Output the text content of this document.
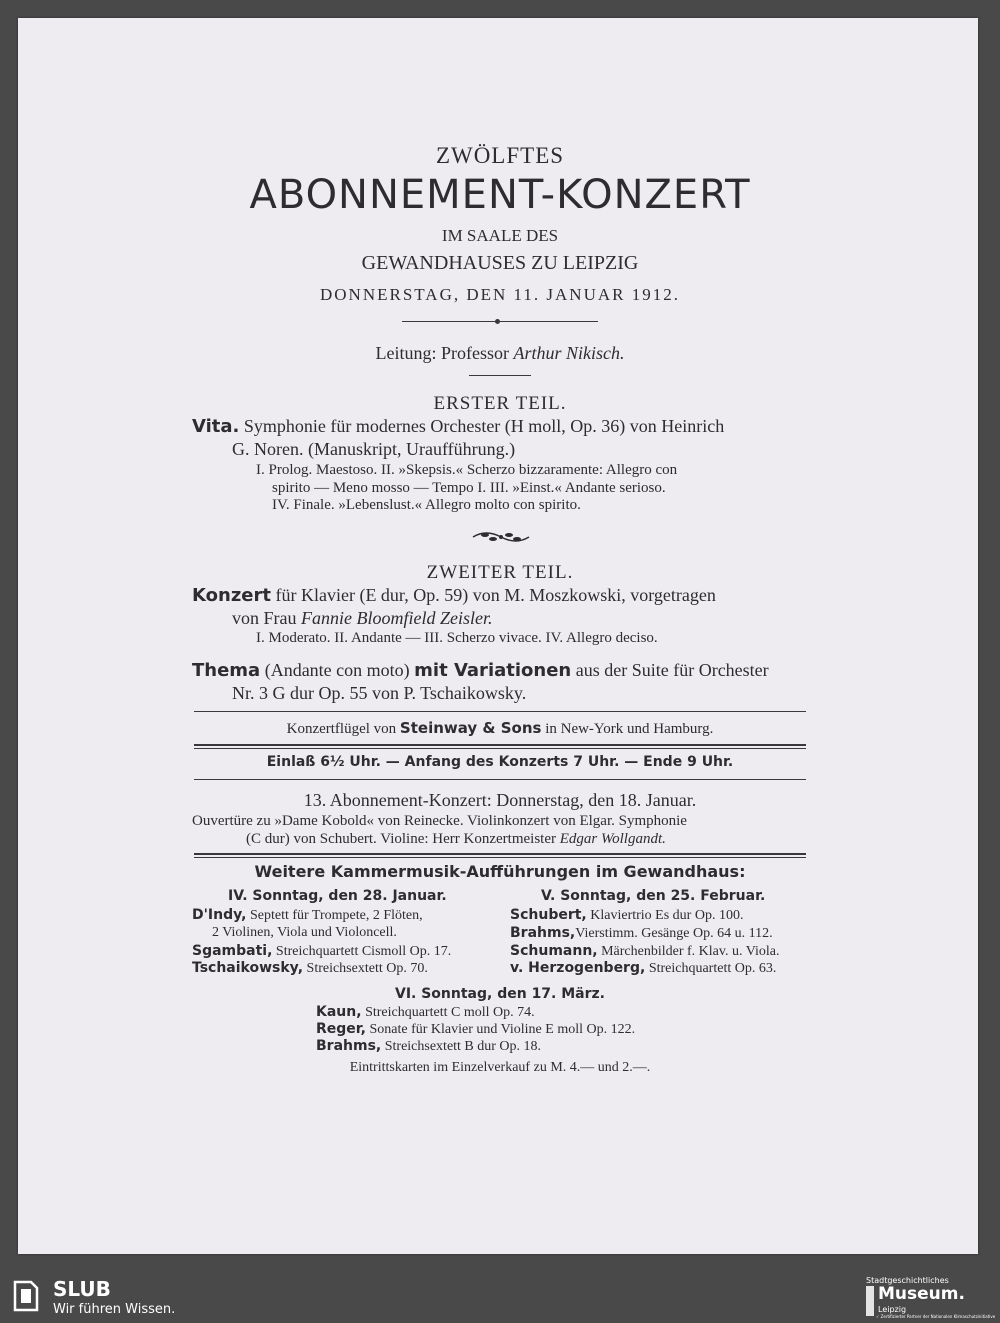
ZWÖLFTES
ABONNEMENT-KONZERT
IM SAALE DES
GEWANDHAUSES ZU LEIPZIG
DONNERSTAG, DEN 11. JANUAR 1912.
Leitung: Professor Arthur Nikisch.
ERSTER TEIL.
Vita. Symphonie für modernes Orchester (H moll, Op. 36) von Heinrich
G. Noren. (Manuskript, Uraufführung.)
I. Prolog. Maestoso. II. »Skepsis.« Scherzo bizzaramente: Allegro con
spirito — Meno mosso — Tempo I. III. »Einst.« Andante serioso.
IV. Finale. »Lebenslust.« Allegro molto con spirito.
ZWEITER TEIL.
Konzert für Klavier (E dur, Op. 59) von M. Moszkowski, vorgetragen
von Frau Fannie Bloomfield Zeisler.
I. Moderato. II. Andante — III. Scherzo vivace. IV. Allegro deciso.
Thema (Andante con moto) mit Variationen aus der Suite für Orchester
Nr. 3 G dur Op. 55 von P. Tschaikowsky.
Konzertflügel von Steinway & Sons in New-York und Hamburg.
Einlaß 6½ Uhr. — Anfang des Konzerts 7 Uhr. — Ende 9 Uhr.
13. Abonnement-Konzert: Donnerstag, den 18. Januar.
Ouvertüre zu »Dame Kobold« von Reinecke. Violinkonzert von Elgar. Symphonie
(C dur) von Schubert. Violine: Herr Konzertmeister Edgar Wollgandt.
Weitere Kammermusik-Aufführungen im Gewandhaus:
IV. Sonntag, den 28. Januar.	V. Sonntag, den 25. Februar.
D'Indy, Septett für Trompete, 2 Flöten,
2 Violinen, Viola und Violoncell.
Sgambati, Streichquartett Cismoll Op. 17.
Tschaikowsky, Streichsextett Op. 70.
Schubert, Klaviertrio Es dur Op. 100.
Brahms,Vierstimm. Gesänge Op. 64 u. 112.
Schumann, Märchenbilder f. Klav. u. Viola.
v. Herzogenberg, Streichquartett Op. 63.
VI. Sonntag, den 17. März.
Kaun, Streichquartett C moll Op. 74.
Reger, Sonate für Klavier und Violine E moll Op. 122.
Brahms, Streichsextett B dur Op. 18.
Eintrittskarten im Einzelverkauf zu M. 4.— und 2.—.
SLUB
Wir führen Wissen.
Stadtgeschichtliches
Museum.
Leipzig
✓ Zertifizierter Partner der Nationalen Klimaschutzinitiative
